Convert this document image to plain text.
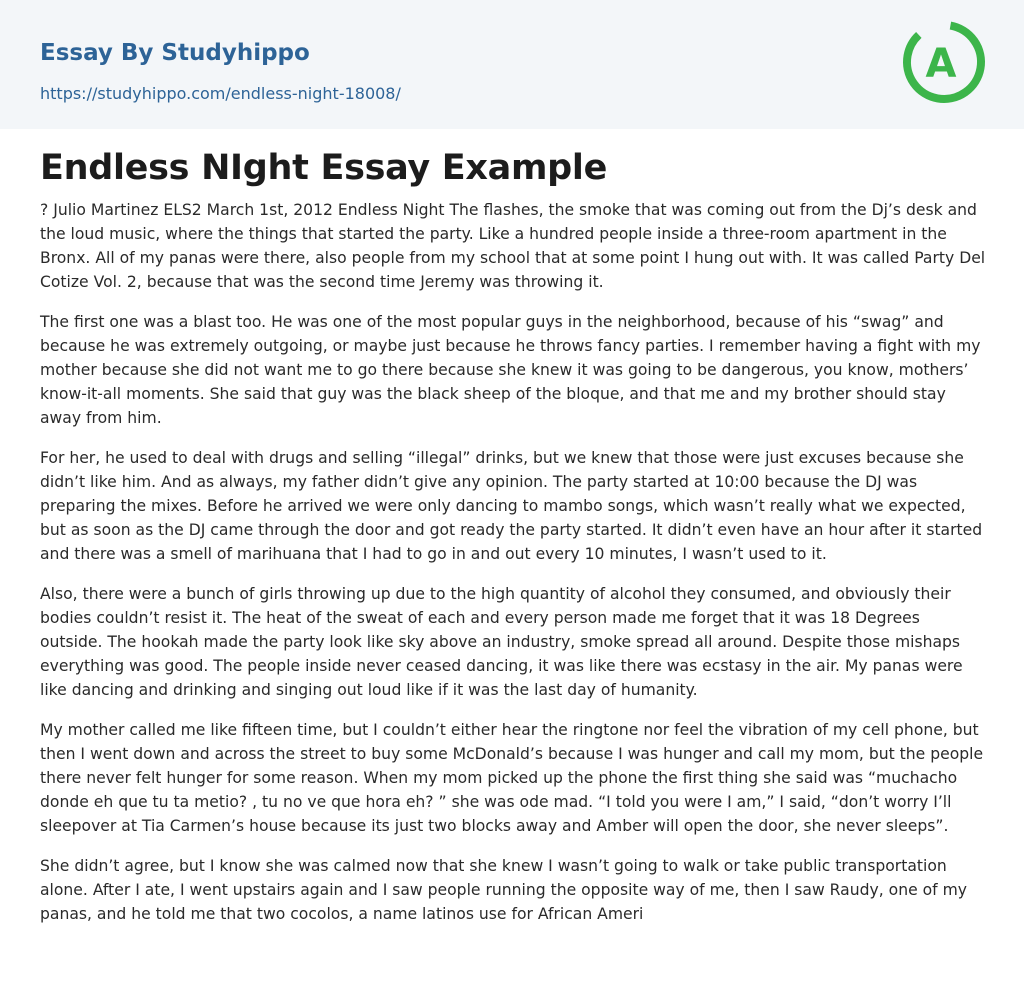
Essay By Studyhippo
https://studyhippo.com/endless-night-18008/
A
Endless NIght Essay Example

? Julio Martinez ELS2 March 1st, 2012 Endless Night The flashes, the smoke that was coming out from the Dj’s desk and the loud music, where the things that started the party. Like a hundred people inside a three-room apartment in the Bronx. All of my panas were there, also people from my school that at some point I hung out with. It was called Party Del Cotize Vol. 2, because that was the second time Jeremy was throwing it.

The first one was a blast too. He was one of the most popular guys in the neighborhood, because of his “swag” and because he was extremely outgoing, or maybe just because he throws fancy parties. I remember having a fight with my mother because she did not want me to go there because she knew it was going to be dangerous, you know, mothers’ know-it-all moments. She said that guy was the black sheep of the bloque, and that me and my brother should stay away from him.

For her, he used to deal with drugs and selling “illegal” drinks, but we knew that those were just excuses because she didn’t like him. And as always, my father didn’t give any opinion. The party started at 10:00 because the DJ was preparing the mixes. Before he arrived we were only dancing to mambo songs, which wasn’t really what we expected, but as soon as the DJ came through the door and got ready the party started. It didn’t even have an hour after it started and there was a smell of marihuana that I had to go in and out every 10 minutes, I wasn’t used to it.

Also, there were a bunch of girls throwing up due to the high quantity of alcohol they consumed, and obviously their bodies couldn’t resist it. The heat of the sweat of each and every person made me forget that it was 18 Degrees outside. The hookah made the party look like sky above an industry, smoke spread all around. Despite those mishaps everything was good. The people inside never ceased dancing, it was like there was ecstasy in the air. My panas were like dancing and drinking and singing out loud like if it was the last day of humanity.

My mother called me like fifteen time, but I couldn’t either hear the ringtone nor feel the vibration of my cell phone, but then I went down and across the street to buy some McDonald’s because I was hunger and call my mom, but the people there never felt hunger for some reason. When my mom picked up the phone the first thing she said was “muchacho donde eh que tu ta metio? , tu no ve que hora eh? ” she was ode mad. “I told you were I am,” I said, “don’t worry I’ll sleepover at Tia Carmen’s house because its just two blocks away and Amber will open the door, she never sleeps”.

She didn’t agree, but I know she was calmed now that she knew I wasn’t going to walk or take public transportation alone. After I ate, I went upstairs again and I saw people running the opposite way of me, then I saw Raudy, one of my panas, and he told me that two cocolos, a name latinos use for African Ameri
